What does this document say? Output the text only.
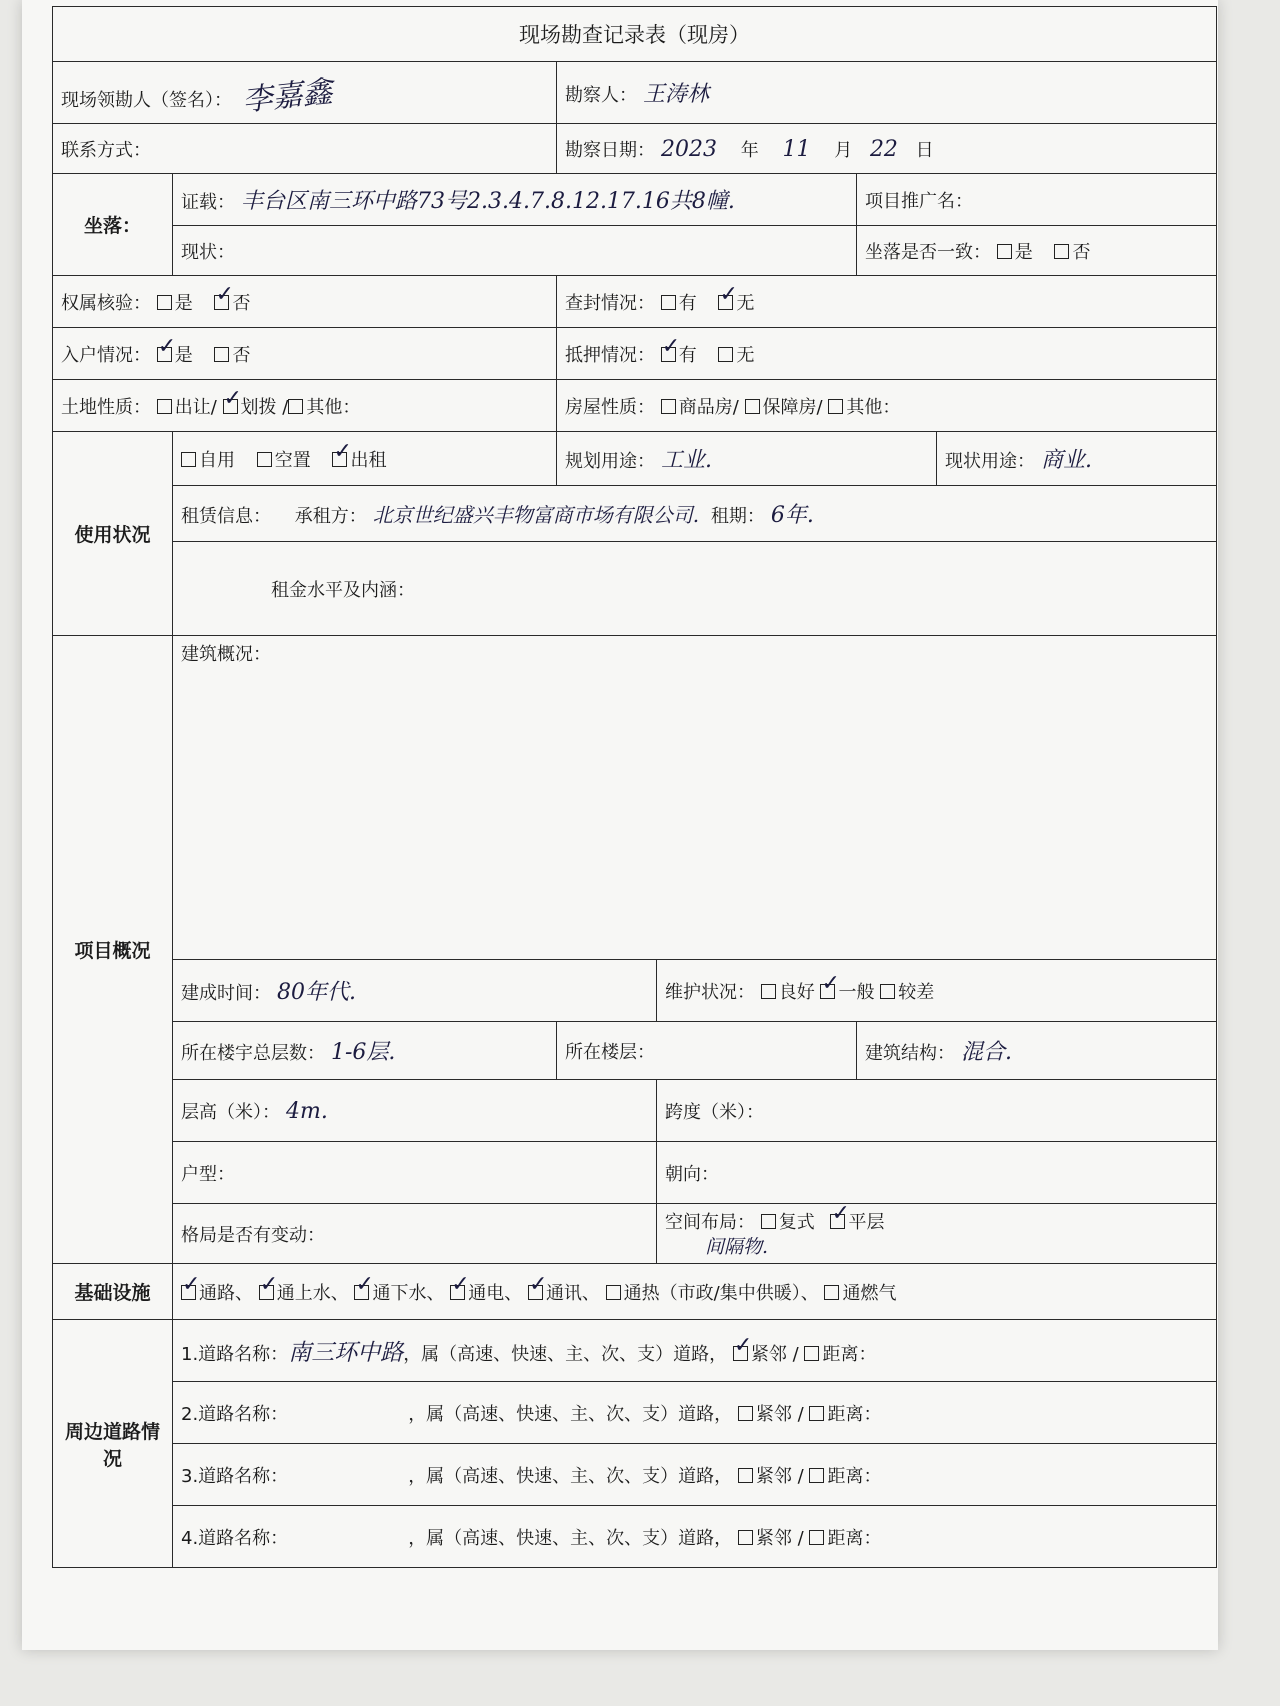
现场勘查记录表（现房）					
现场领勘人（签名）： 李嘉鑫		勘察人： 王涛林			
联系方式：		勘察日期： 2023 年 11 月 22 日			
坐落：	证载： 丰台区南三环中路73号2.3.4.7.8.12.17.16共8幢.			项目推广名：	
	现状：			坐落是否一致： 是 否	
权属核验： 是 ✓ 否		查封情况： 有 ✓ 无
入户情况： ✓ 是 否		抵押情况： ✓ 有 无
土地性质： 出让/ ✓ 划拨 / 其他：		房屋性质： 商品房/ 保障房/ 其他：			
使用状况	自用 空置 ✓ 出租	规划用途： 工业.			现状用途： 商业.
	租赁信息： 承租方： 北京世纪盛兴丰物富商市场有限公司. 租期： 6年.				
	租金水平及内涵：				
项目概况	建筑概况：				
	建成时间： 80年代.		维护状况： 良好 ✓ 一般 较差
	所在楼宇总层数： 1-6层.	所在楼层：		建筑结构： 混合.	
	层高（米）： 4m.		跨度（米）：		
	户型：		朝向：		
	格局是否有变动：		空间布局： 复式 ✓ 平层
间隔物.

基础设施	✓通路、 ✓ 通上水、 ✓ 通下水、 ✓ 通电、 ✓ 通讯、 通热（市政/集中供暖）、 通燃气
周边道路情况	1.道路名称：南三环中路，属（高速、快速、主、次、支）道路， ✓ 紧邻 / 距离：
	2.道路名称： ，属（高速、快速、主、次、支）道路， 紧邻 / 距离：				
	3.道路名称： ，属（高速、快速、主、次、支）道路， 紧邻 / 距离：				
	4.道路名称： ，属（高速、快速、主、次、支）道路， 紧邻 / 距离：				
